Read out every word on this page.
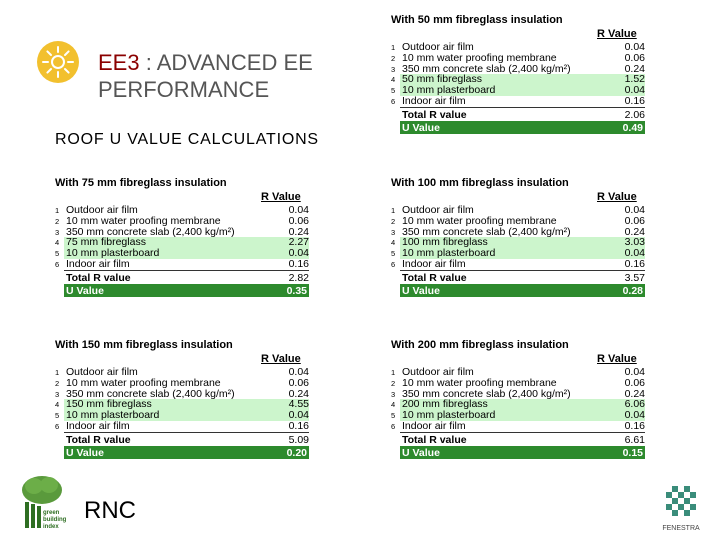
EE3 : ADVANCED EE PERFORMANCE
ROOF U VALUE CALCULATIONS
With 50 mm fibreglass insulation
R Value
1 Outdoor air film	0.04
2 10 mm water proofing membrane	0.06
3 350 mm concrete slab (2,400 kg/m²)	0.24
4 50 mm fibreglass	1.52
5 10 mm plasterboard	0.04
6 Indoor air film	0.16
Total R value	2.06
U Value	0.49
+2
points
With 75 mm fibreglass insulation
R Value
1 Outdoor air film	0.04
2 10 mm water proofing membrane	0.06
3 350 mm concrete slab (2,400 kg/m²)	0.24
4 75 mm fibreglass	2.27
5 10 mm plasterboard	0.04
6 Indoor air film	0.16
Total R value	2.82
U Value	0.35
+4
points
With 100 mm fibreglass insulation
R Value
1 Outdoor air film	0.04
2 10 mm water proofing membrane	0.06
3 350 mm concrete slab (2,400 kg/m²)	0.24
4 100 mm fibreglass	3.03
5 10 mm plasterboard	0.04
6 Indoor air film	0.16
Total R value	3.57
U Value	0.28
+6
points
With 150 mm fibreglass insulation
R Value
1 Outdoor air film	0.04
2 10 mm water proofing membrane	0.06
3 350 mm concrete slab (2,400 kg/m²)	0.24
4 150 mm fibreglass	4.55
5 10 mm plasterboard	0.04
6 Indoor air film	0.16
Total R value	5.09
U Value	0.20
+8
points
With 200 mm fibreglass insulation
R Value
1 Outdoor air film	0.04
2 10 mm water proofing membrane	0.06
3 350 mm concrete slab (2,400 kg/m²)	0.24
4 200 mm fibreglass	6.06
5 10 mm plasterboard	0.04
6 Indoor air film	0.16
Total R value	6.61
U Value	0.15
+10
points
green
building
index
RNC
FENESTRA
